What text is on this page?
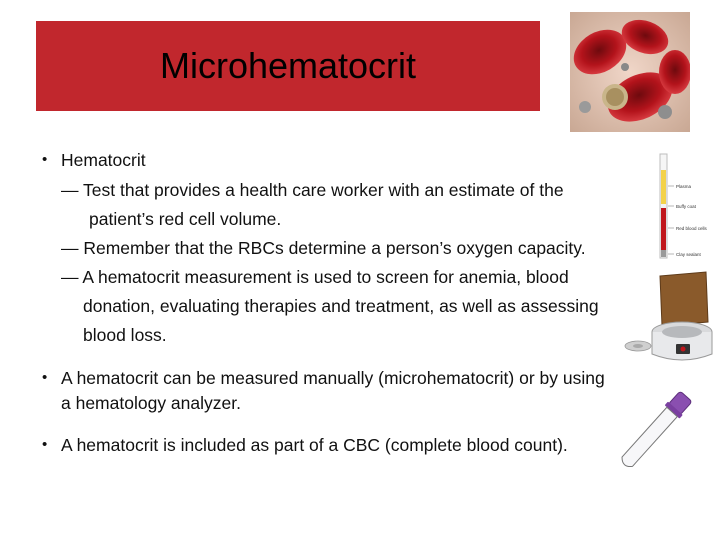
Microhematocrit
Plasma
Buffy coat
Red blood cells
Clay sealant
• Hematocrit
— Test that provides a health care worker with an estimate of the
patient’s red cell volume.
— Remember that the RBCs determine a person’s oxygen capacity.
— A hematocrit measurement is used to screen for anemia, blood
donation, evaluating therapies and treatment, as well as assessing
blood loss.
• A hematocrit can be measured manually (microhematocrit) or by using
a hematology analyzer.
• A hematocrit is included as part of a CBC (complete blood count).
